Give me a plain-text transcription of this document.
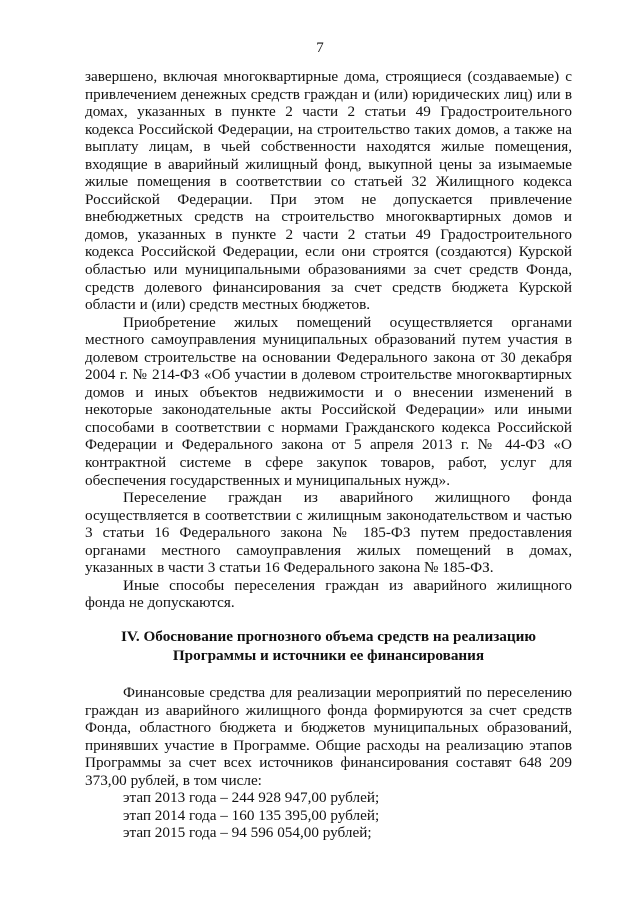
7

завершено, включая многоквартирные дома, строящиеся (создаваемые) с привлечением денежных средств граждан и (или) юридических лиц) или в домах, указанных в пункте 2 части 2 статьи 49 Градостроительного кодекса Российской Федерации, на строительство таких домов, а также на выплату лицам, в чьей собственности находятся жилые помещения, входящие в аварийный жилищный фонд, выкупной цены за изымаемые жилые помещения в соответствии со статьей 32 Жилищного кодекса Российской Федерации. При этом не допускается привлечение внебюджетных средств на строительство многоквартирных домов и домов, указанных в пункте 2 части 2 статьи 49 Градостроительного кодекса Российской Федерации, если они строятся (создаются) Курской областью или муниципальными образованиями за счет средств Фонда, средств долевого финансирования за счет средств бюджета Курской области и (или) средств местных бюджетов.

Приобретение жилых помещений осуществляется органами местного самоуправления муниципальных образований путем участия в долевом строительстве на основании Федерального закона от 30 декабря 2004 г. № 214-ФЗ «Об участии в долевом строительстве многоквартирных домов и иных объектов недвижимости и о внесении изменений в некоторые законодательные акты Российской Федерации» или иными способами в соответствии с нормами Гражданского кодекса Российской Федерации и Федерального закона от 5 апреля 2013 г. № 44-ФЗ «О контрактной системе в сфере закупок товаров, работ, услуг для обеспечения государственных и муниципальных нужд».

Переселение граждан из аварийного жилищного фонда осуществляется в соответствии с жилищным законодательством и частью 3 статьи 16 Федерального закона № 185-ФЗ путем предоставления органами местного самоуправления жилых помещений в домах, указанных в части 3 статьи 16 Федерального закона № 185-ФЗ.

Иные способы переселения граждан из аварийного жилищного фонда не допускаются.

IV. Обоснование прогнозного объема средств на реализацию
Программы и источники ее финансирования

Финансовые средства для реализации мероприятий по переселению граждан из аварийного жилищного фонда формируются за счет средств Фонда, областного бюджета и бюджетов муниципальных образований, принявших участие в Программе. Общие расходы на реализацию этапов Программы за счет всех источников финансирования составят 648 209 373,00 рублей, в том числе:

этап 2013 года – 244 928 947,00 рублей;
этап 2014 года – 160 135 395,00 рублей;
этап 2015 года – 94 596 054,00 рублей;
